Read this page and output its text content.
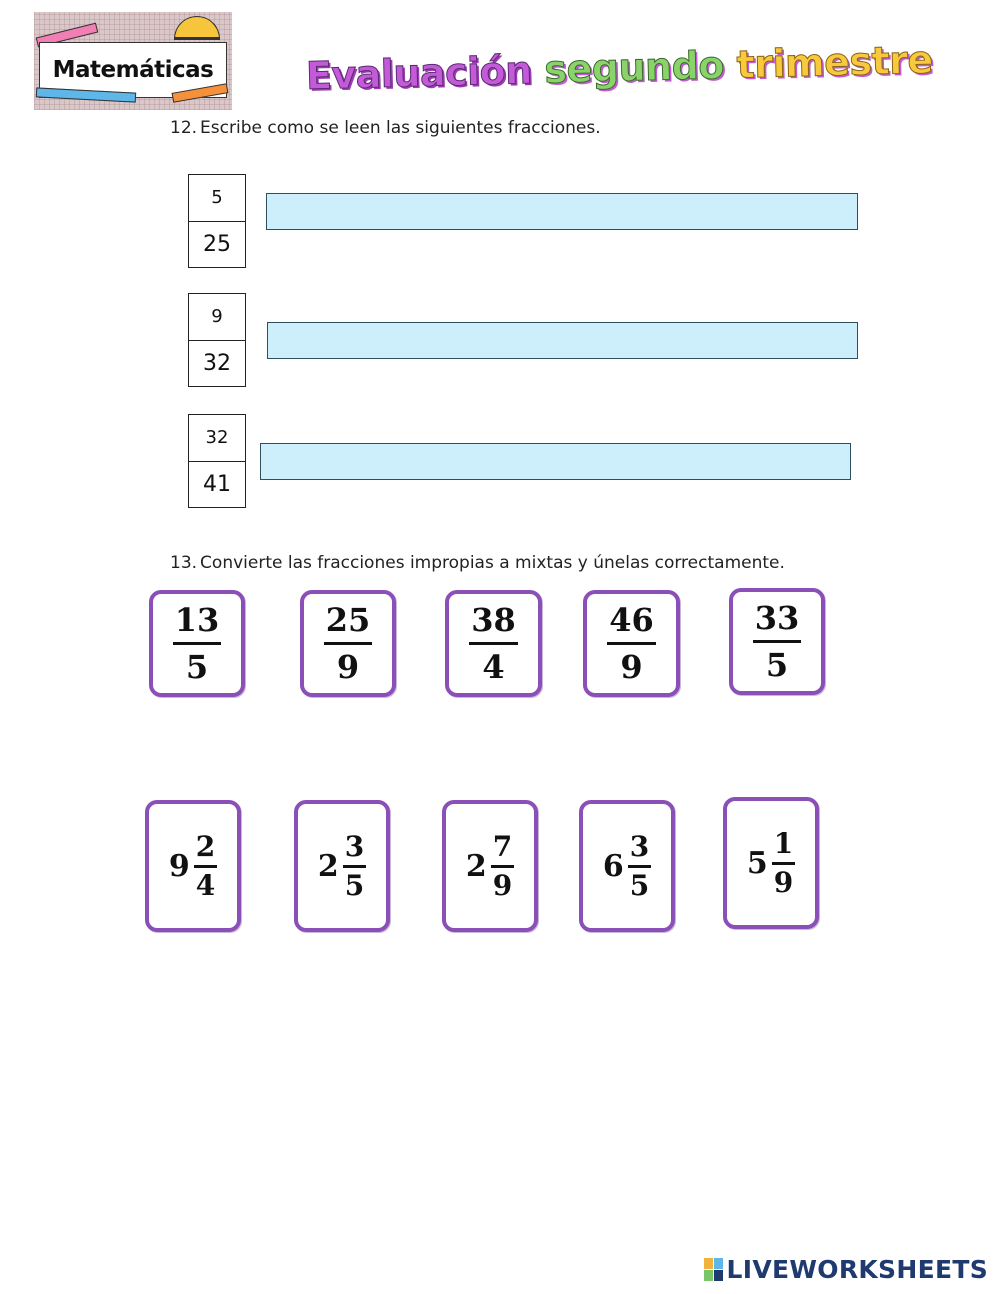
Matemáticas Evaluación segundo trimestre
12. Escribe como se leen las siguientes fracciones.
5
25
9
32
32
41
13. Convierte las fracciones impropias a mixtas y únelas correctamente.
13
5
25
9
38
4
46
9
33
5
9
2
4
2
3
5
2
7
9
6
3
5
5
1
9
LIVEWORKSHEETS
